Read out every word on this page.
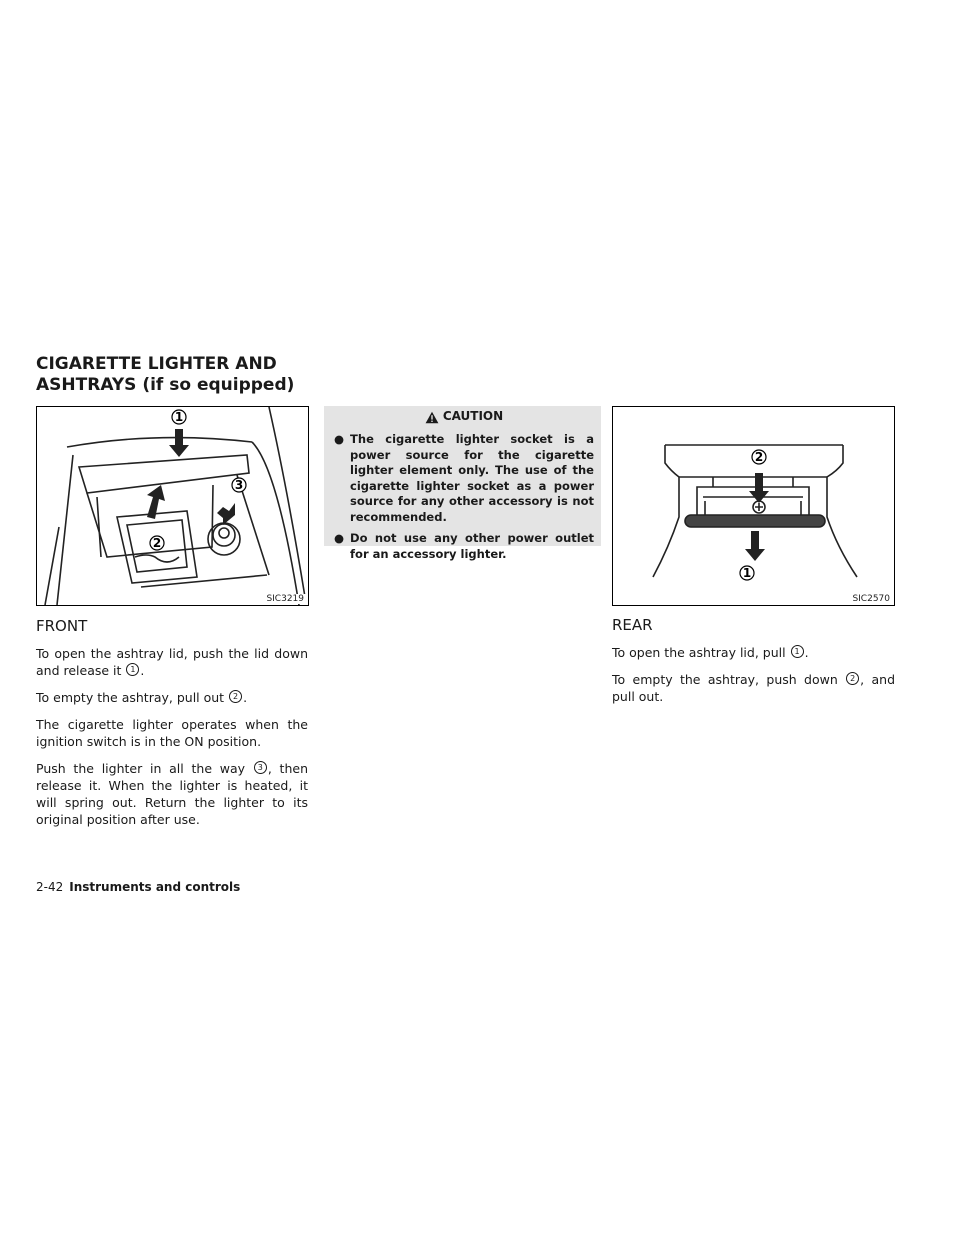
CIGARETTE LIGHTER AND ASHTRAYS (if so equipped)
1
2
3
SIC3219
2
1
SIC2570
FRONT

To open the ashtray lid, push the lid down and release it 1 .

To empty the ashtray, pull out 2 .

The cigarette lighter operates when the ignition switch is in the ON position.

Push the lighter in all the way 3 , then release it. When the lighter is heated, it will spring out. Return the lighter to its original position after use.

CAUTION
● The cigarette lighter socket is a power source for the cigarette lighter element only. The use of the cigarette lighter socket as a power source for any other accessory is not recommended.
● Do not use any other power outlet for an accessory lighter.
REAR

To open the ashtray lid, pull 1 .

To empty the ashtray, push down 2 , and pull out.

2-42 Instruments and controls
